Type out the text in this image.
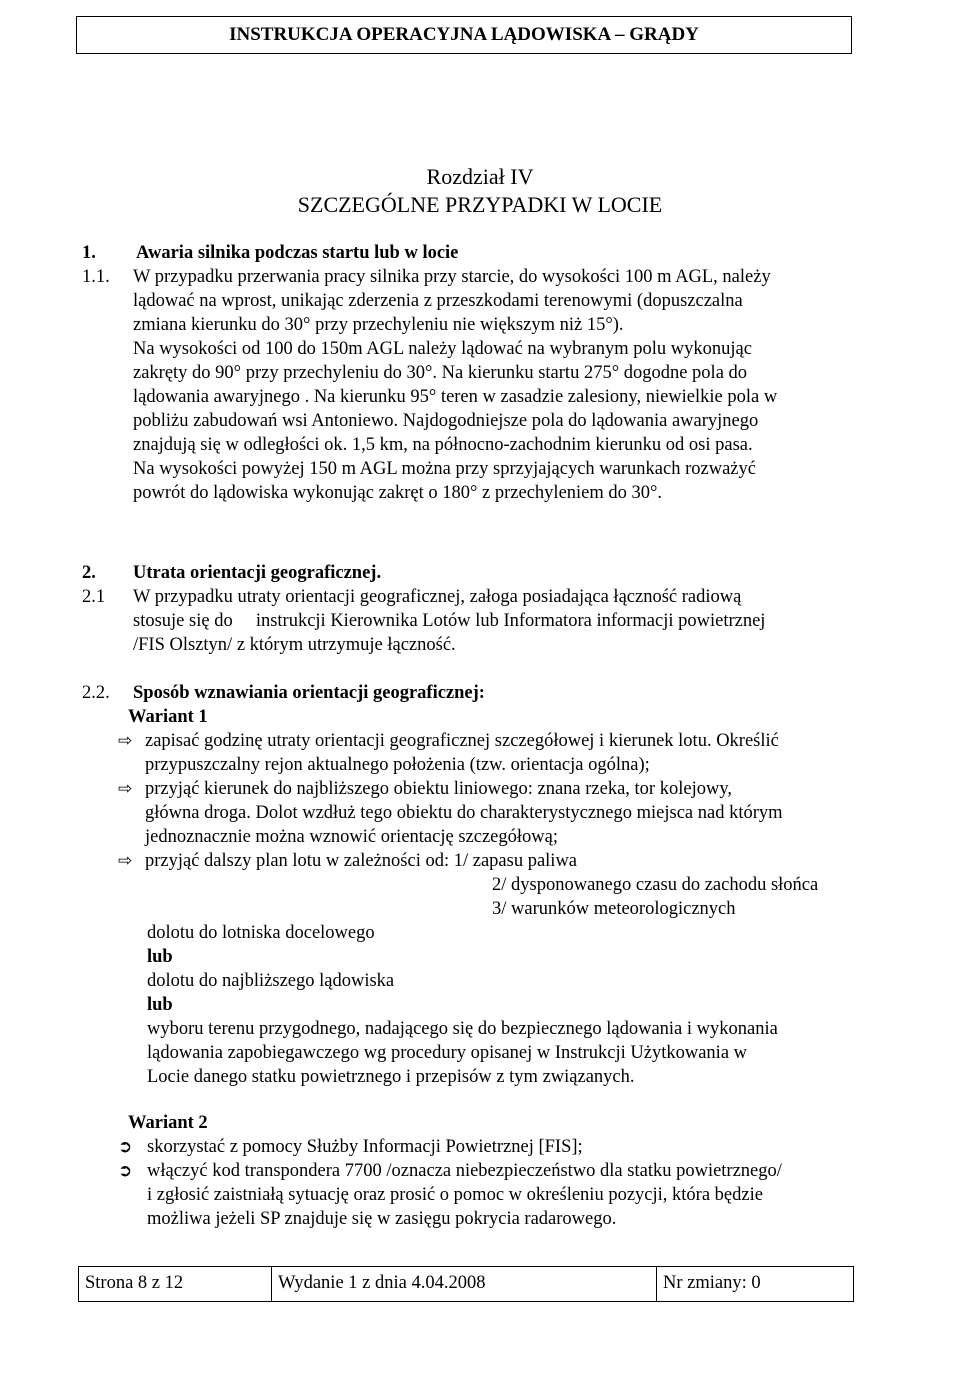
INSTRUKCJA OPERACYJNA LĄDOWISKA – GRĄDY
Rozdział IV
SZCZEGÓLNE PRZYPADKI W LOCIE
1. Awaria silnika podczas startu lub w locie
1.1. W przypadku przerwania pracy silnika przy starcie, do wysokości 100 m AGL, należy
lądować na wprost, unikając zderzenia z przeszkodami terenowymi (dopuszczalna
zmiana kierunku do 30° przy przechyleniu nie większym niż 15°).
Na wysokości od 100 do 150m AGL należy lądować na wybranym polu wykonując
zakręty do 90° przy przechyleniu do 30°. Na kierunku startu 275° dogodne pola do
lądowania awaryjnego . Na kierunku 95° teren w zasadzie zalesiony, niewielkie pola w
pobliżu zabudowań wsi Antoniewo. Najdogodniejsze pola do lądowania awaryjnego
znajdują się w odległości ok. 1,5 km, na północno-zachodnim kierunku od osi pasa.
Na wysokości powyżej 150 m AGL można przy sprzyjających warunkach rozważyć
powrót do lądowiska wykonując zakręt o 180° z przechyleniem do 30°.
2. Utrata orientacji geograficznej.
2.1 W przypadku utraty orientacji geograficznej, załoga posiadająca łączność radiową
stosuje się do     instrukcji Kierownika Lotów lub Informatora informacji powietrznej
/FIS Olsztyn/ z którym utrzymuje łączność.
2.2. Sposób wznawiania orientacji geograficznej:
Wariant 1
⇨ zapisać godzinę utraty orientacji geograficznej szczegółowej i kierunek lotu. Określić
przypuszczalny rejon aktualnego położenia (tzw. orientacja ogólna);
⇨ przyjąć kierunek do najbliższego obiektu liniowego: znana rzeka, tor kolejowy,
główna droga. Dolot wzdłuż tego obiektu do charakterystycznego miejsca nad którym
jednoznacznie można wznowić orientację szczegółową;
⇨ przyjąć dalszy plan lotu w zależności od: 1/ zapasu paliwa
2/ dysponowanego czasu do zachodu słońca
3/ warunków meteorologicznych
dolotu do lotniska docelowego
lub
dolotu do najbliższego lądowiska
lub
wyboru terenu przygodnego, nadającego się do bezpiecznego lądowania i wykonania
lądowania zapobiegawczego wg procedury opisanej w Instrukcji Użytkowania w
Locie danego statku powietrznego i przepisów z tym związanych.
Wariant 2
➲ skorzystać z pomocy Służby Informacji Powietrznej [FIS];
➲ włączyć kod transpondera 7700 /oznacza niebezpieczeństwo dla statku powietrznego/
i zgłosić zaistniałą sytuację oraz prosić o pomoc w określeniu pozycji, która będzie
możliwa jeżeli SP znajduje się w zasięgu pokrycia radarowego.
Strona 8 z 12	Wydanie 1 z dnia 4.04.2008	Nr zmiany: 0
